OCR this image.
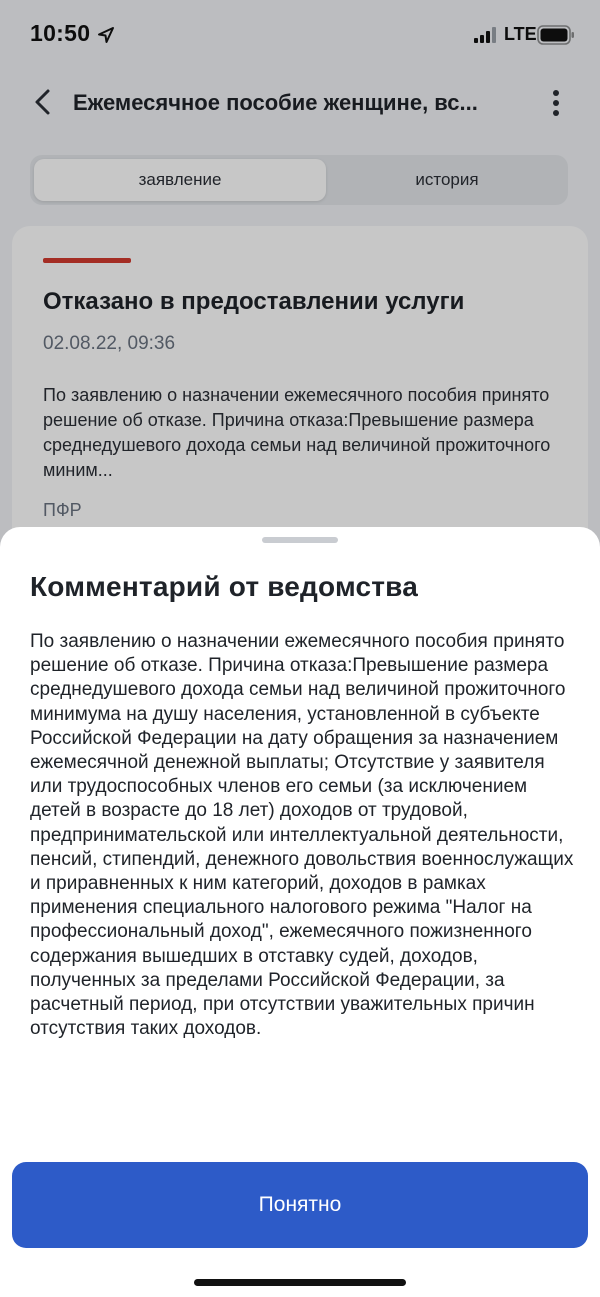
10:50	LTE
Ежемесячное пособие женщине, вс...
заявление	история
Отказано в предоставлении услуги
02.08.22, 09:36
По заявлению о назначении ежемесячного пособия принято решение об отказе. Причина отказа:Превышение размера среднедушевого дохода семьи над величиной прожиточного миним...
ПФР
Комментарий от ведомства
По заявлению о назначении ежемесячного пособия принято решение об отказе. Причина отказа:Превышение размера среднедушевого дохода семьи над величиной прожиточного минимума на душу населения, установленной в субъекте Российской Федерации на дату обращения за назначением ежемесячной денежной выплаты; Отсутствие у заявителя или трудоспособных членов его семьи (за исключением детей в возрасте до 18 лет) доходов от трудовой, предпринимательской или интеллектуальной деятельности, пенсий, стипендий, денежного довольствия военнослужащих и приравненных к ним категорий, доходов в рамках применения специального налогового режима "Налог на профессиональный доход", ежемесячного пожизненного содержания вышедших в отставку судей, доходов, полученных за пределами Российской Федерации, за расчетный период, при отсутствии уважительных причин отсутствия таких доходов.
Понятно
